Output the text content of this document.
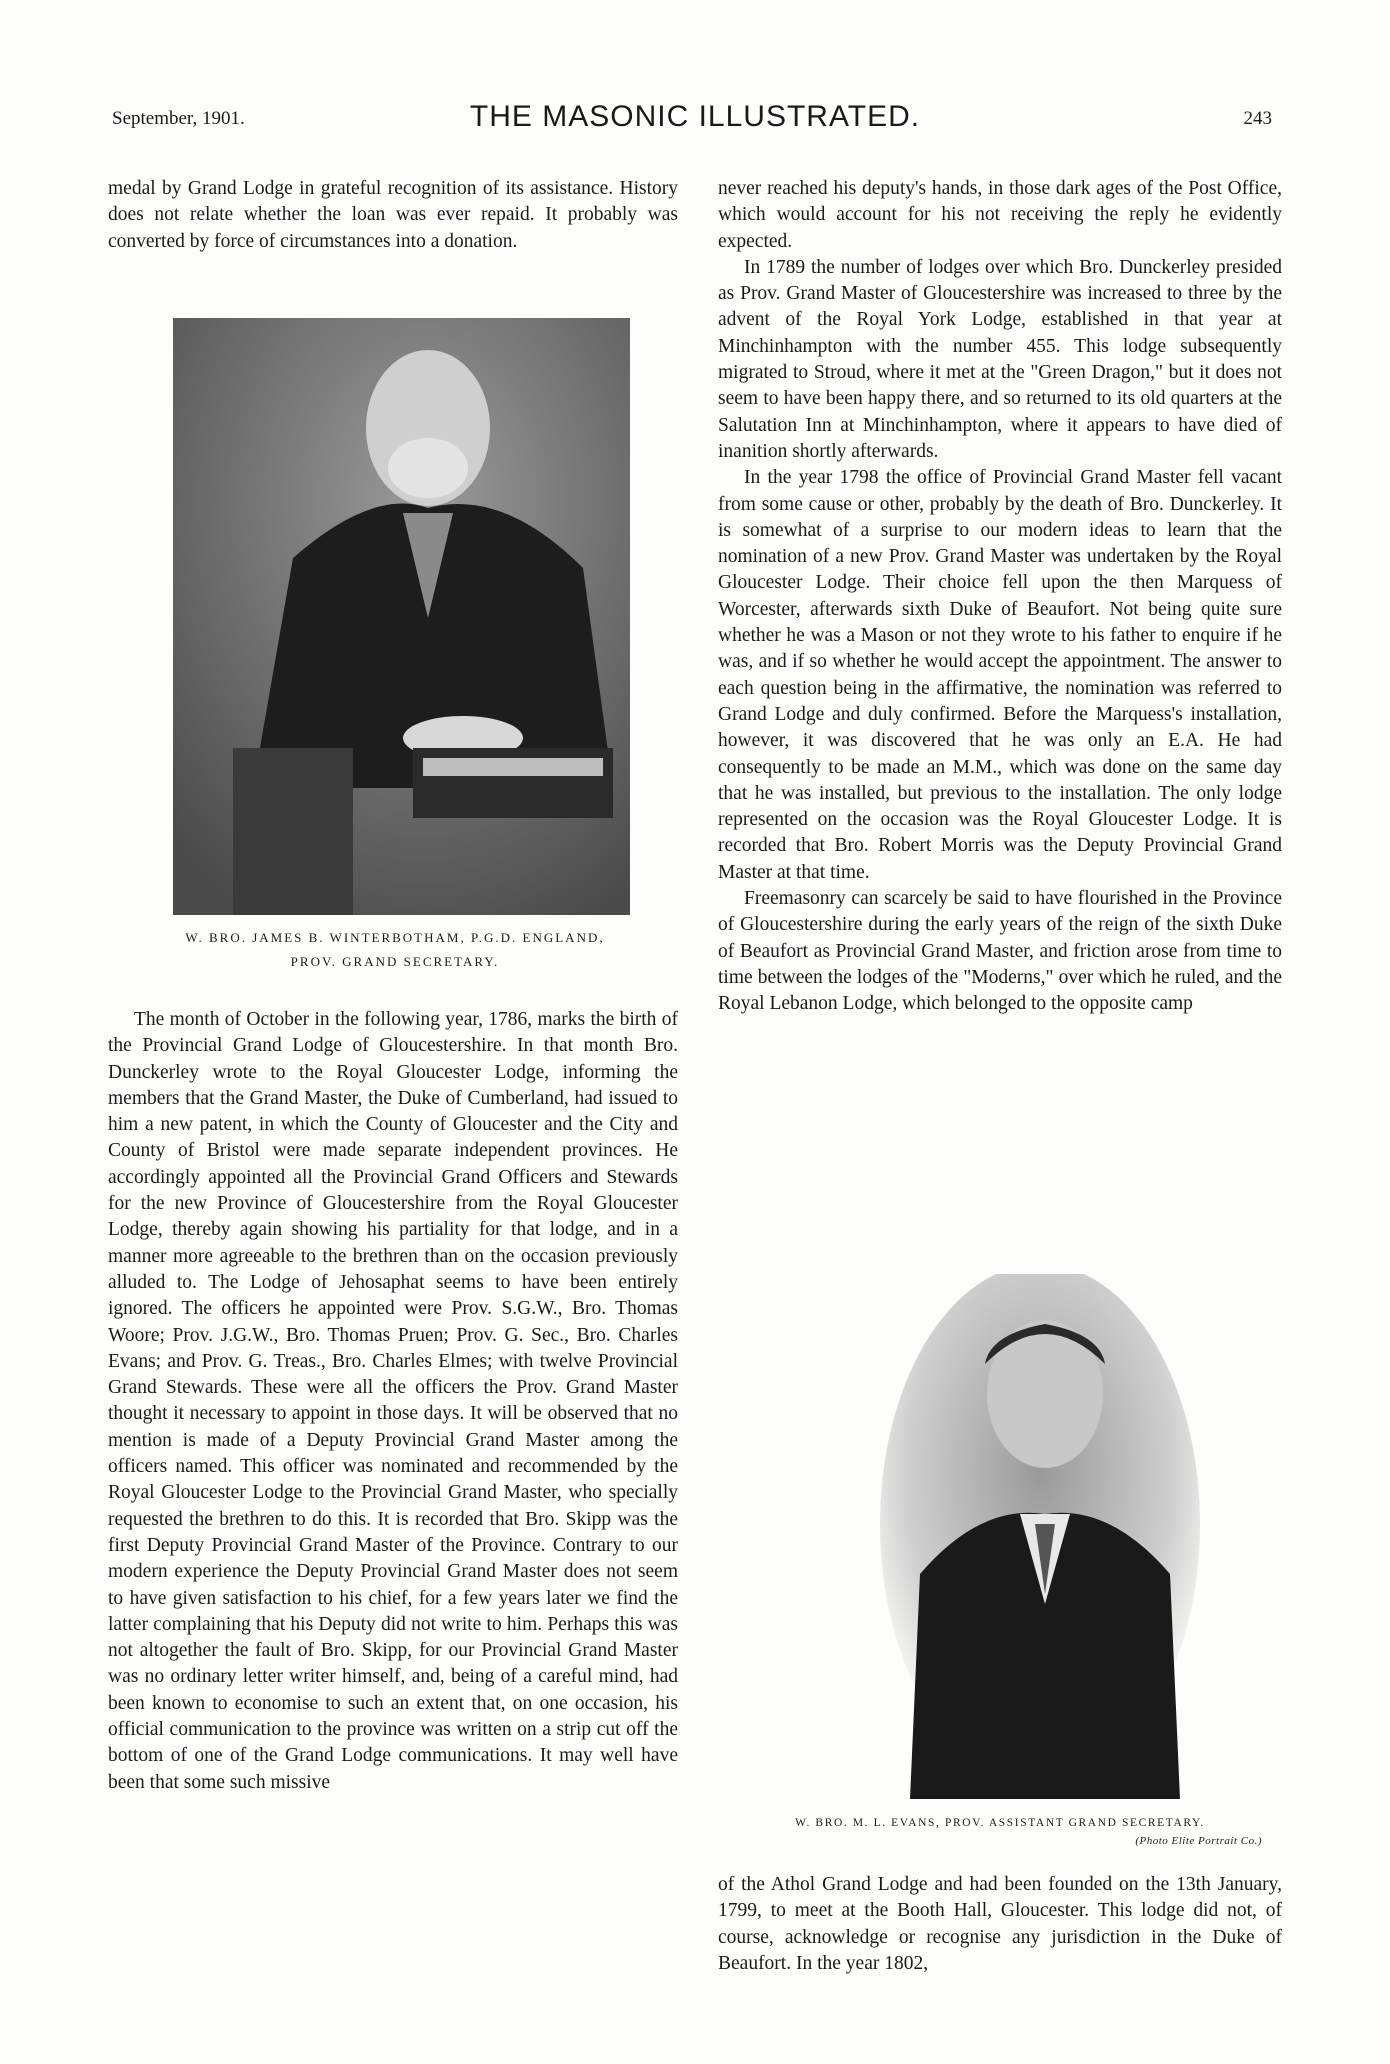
September, 1901.	THE MASONIC ILLUSTRATED.	243

medal by Grand Lodge in grateful recognition of its assistance. History does not relate whether the loan was ever repaid. It probably was converted by force of circumstances into a donation.

W. BRO. JAMES B. WINTERBOTHAM, P.G.D. ENGLAND,
PROV. GRAND SECRETARY.

The month of October in the following year, 1786, marks the birth of the Provincial Grand Lodge of Gloucestershire. In that month Bro. Dunckerley wrote to the Royal Gloucester Lodge, informing the members that the Grand Master, the Duke of Cumberland, had issued to him a new patent, in which the County of Gloucester and the City and County of Bristol were made separate independent provinces. He accordingly appointed all the Provincial Grand Officers and Stewards for the new Province of Gloucestershire from the Royal Gloucester Lodge, thereby again showing his partiality for that lodge, and in a manner more agreeable to the brethren than on the occasion previously alluded to. The Lodge of Jehosaphat seems to have been entirely ignored. The officers he appointed were Prov. S.G.W., Bro. Thomas Woore; Prov. J.G.W., Bro. Thomas Pruen; Prov. G. Sec., Bro. Charles Evans; and Prov. G. Treas., Bro. Charles Elmes; with twelve Provincial Grand Stewards. These were all the officers the Prov. Grand Master thought it necessary to appoint in those days. It will be observed that no mention is made of a Deputy Provincial Grand Master among the officers named. This officer was nominated and recommended by the Royal Gloucester Lodge to the Provincial Grand Master, who specially requested the brethren to do this. It is recorded that Bro. Skipp was the first Deputy Provincial Grand Master of the Province. Contrary to our modern experience the Deputy Provincial Grand Master does not seem to have given satisfaction to his chief, for a few years later we find the latter complaining that his Deputy did not write to him. Perhaps this was not altogether the fault of Bro. Skipp, for our Provincial Grand Master was no ordinary letter writer himself, and, being of a careful mind, had been known to economise to such an extent that, on one occasion, his official communication to the province was written on a strip cut off the bottom of one of the Grand Lodge communications. It may well have been that some such missive

never reached his deputy's hands, in those dark ages of the Post Office, which would account for his not receiving the reply he evidently expected.

In 1789 the number of lodges over which Bro. Dunckerley presided as Prov. Grand Master of Gloucestershire was increased to three by the advent of the Royal York Lodge, established in that year at Minchinhampton with the number 455. This lodge subsequently migrated to Stroud, where it met at the "Green Dragon," but it does not seem to have been happy there, and so returned to its old quarters at the Salutation Inn at Minchinhampton, where it appears to have died of inanition shortly afterwards.

In the year 1798 the office of Provincial Grand Master fell vacant from some cause or other, probably by the death of Bro. Dunckerley. It is somewhat of a surprise to our modern ideas to learn that the nomination of a new Prov. Grand Master was undertaken by the Royal Gloucester Lodge. Their choice fell upon the then Marquess of Worcester, afterwards sixth Duke of Beaufort. Not being quite sure whether he was a Mason or not they wrote to his father to enquire if he was, and if so whether he would accept the appointment. The answer to each question being in the affirmative, the nomination was referred to Grand Lodge and duly confirmed. Before the Marquess's installation, however, it was discovered that he was only an E.A. He had consequently to be made an M.M., which was done on the same day that he was installed, but previous to the installation. The only lodge represented on the occasion was the Royal Gloucester Lodge. It is recorded that Bro. Robert Morris was the Deputy Provincial Grand Master at that time.

Freemasonry can scarcely be said to have flourished in the Province of Gloucestershire during the early years of the reign of the sixth Duke of Beaufort as Provincial Grand Master, and friction arose from time to time between the lodges of the "Moderns," over which he ruled, and the Royal Lebanon Lodge, which belonged to the opposite camp

W. BRO. M. L. EVANS, PROV. ASSISTANT GRAND SECRETARY.
(Photo Elite Portrait Co.)

of the Athol Grand Lodge and had been founded on the 13th January, 1799, to meet at the Booth Hall, Gloucester. This lodge did not, of course, acknowledge or recognise any jurisdiction in the Duke of Beaufort. In the year 1802,
